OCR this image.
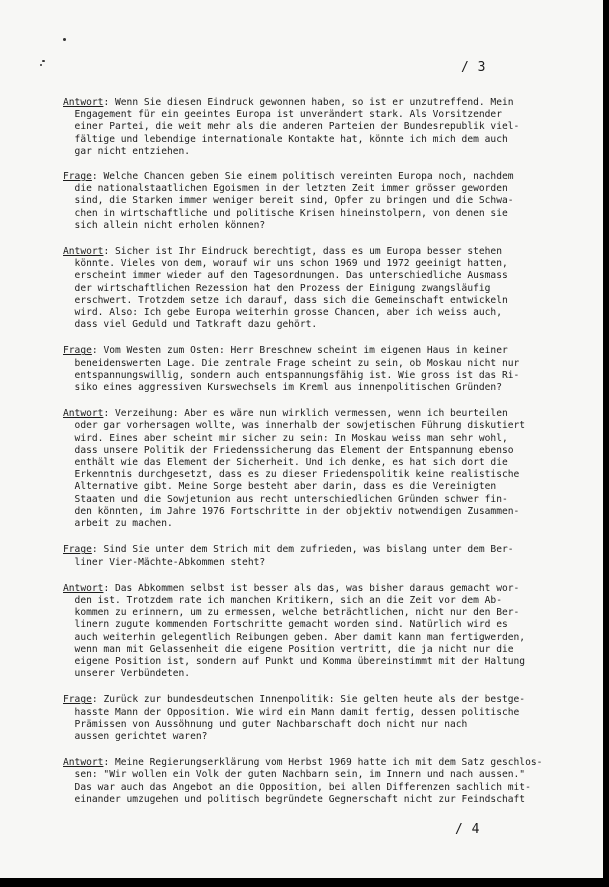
/ 3
Antwort: Wenn Sie diesen Eindruck gewonnen haben, so ist er unzutreffend. Mein
Engagement für ein geeintes Europa ist unverändert stark. Als Vorsitzender
einer Partei, die weit mehr als die anderen Parteien der Bundesrepublik viel-
fältige und lebendige internationale Kontakte hat, könnte ich mich dem auch
gar nicht entziehen.
Frage: Welche Chancen geben Sie einem politisch vereinten Europa noch, nachdem
die nationalstaatlichen Egoismen in der letzten Zeit immer grösser geworden
sind, die Starken immer weniger bereit sind, Opfer zu bringen und die Schwa-
chen in wirtschaftliche und politische Krisen hineinstolpern, von denen sie
sich allein nicht erholen können?
Antwort: Sicher ist Ihr Eindruck berechtigt, dass es um Europa besser stehen
könnte. Vieles von dem, worauf wir uns schon 1969 und 1972 geeinigt hatten,
erscheint immer wieder auf den Tagesordnungen. Das unterschiedliche Ausmass
der wirtschaftlichen Rezession hat den Prozess der Einigung zwangsläufig
erschwert. Trotzdem setze ich darauf, dass sich die Gemeinschaft entwickeln
wird. Also: Ich gebe Europa weiterhin grosse Chancen, aber ich weiss auch,
dass viel Geduld und Tatkraft dazu gehört.
Frage: Vom Westen zum Osten: Herr Breschnew scheint im eigenen Haus in keiner
beneidenswerten Lage. Die zentrale Frage scheint zu sein, ob Moskau nicht nur
entspannungswillig, sondern auch entspannungsfähig ist. Wie gross ist das Ri-
siko eines aggressiven Kurswechsels im Kreml aus innenpolitischen Gründen?
Antwort: Verzeihung: Aber es wäre nun wirklich vermessen, wenn ich beurteilen
oder gar vorhersagen wollte, was innerhalb der sowjetischen Führung diskutiert
wird. Eines aber scheint mir sicher zu sein: In Moskau weiss man sehr wohl,
dass unsere Politik der Friedenssicherung das Element der Entspannung ebenso
enthält wie das Element der Sicherheit. Und ich denke, es hat sich dort die
Erkenntnis durchgesetzt, dass es zu dieser Friedenspolitik keine realistische
Alternative gibt. Meine Sorge besteht aber darin, dass es die Vereinigten
Staaten und die Sowjetunion aus recht unterschiedlichen Gründen schwer fin-
den könnten, im Jahre 1976 Fortschritte in der objektiv notwendigen Zusammen-
arbeit zu machen.
Frage: Sind Sie unter dem Strich mit dem zufrieden, was bislang unter dem Ber-
liner Vier-Mächte-Abkommen steht?
Antwort: Das Abkommen selbst ist besser als das, was bisher daraus gemacht wor-
den ist. Trotzdem rate ich manchen Kritikern, sich an die Zeit vor dem Ab-
kommen zu erinnern, um zu ermessen, welche beträchtlichen, nicht nur den Ber-
linern zugute kommenden Fortschritte gemacht worden sind. Natürlich wird es
auch weiterhin gelegentlich Reibungen geben. Aber damit kann man fertigwerden,
wenn man mit Gelassenheit die eigene Position vertritt, die ja nicht nur die
eigene Position ist, sondern auf Punkt und Komma übereinstimmt mit der Haltung
unserer Verbündeten.
Frage: Zurück zur bundesdeutschen Innenpolitik: Sie gelten heute als der bestge-
hasste Mann der Opposition. Wie wird ein Mann damit fertig, dessen politische
Prämissen von Aussöhnung und guter Nachbarschaft doch nicht nur nach
aussen gerichtet waren?
Antwort: Meine Regierungserklärung vom Herbst 1969 hatte ich mit dem Satz geschlos-
sen: "Wir wollen ein Volk der guten Nachbarn sein, im Innern und nach aussen."
Das war auch das Angebot an die Opposition, bei allen Differenzen sachlich mit-
einander umzugehen und politisch begründete Gegnerschaft nicht zur Feindschaft
/ 4
